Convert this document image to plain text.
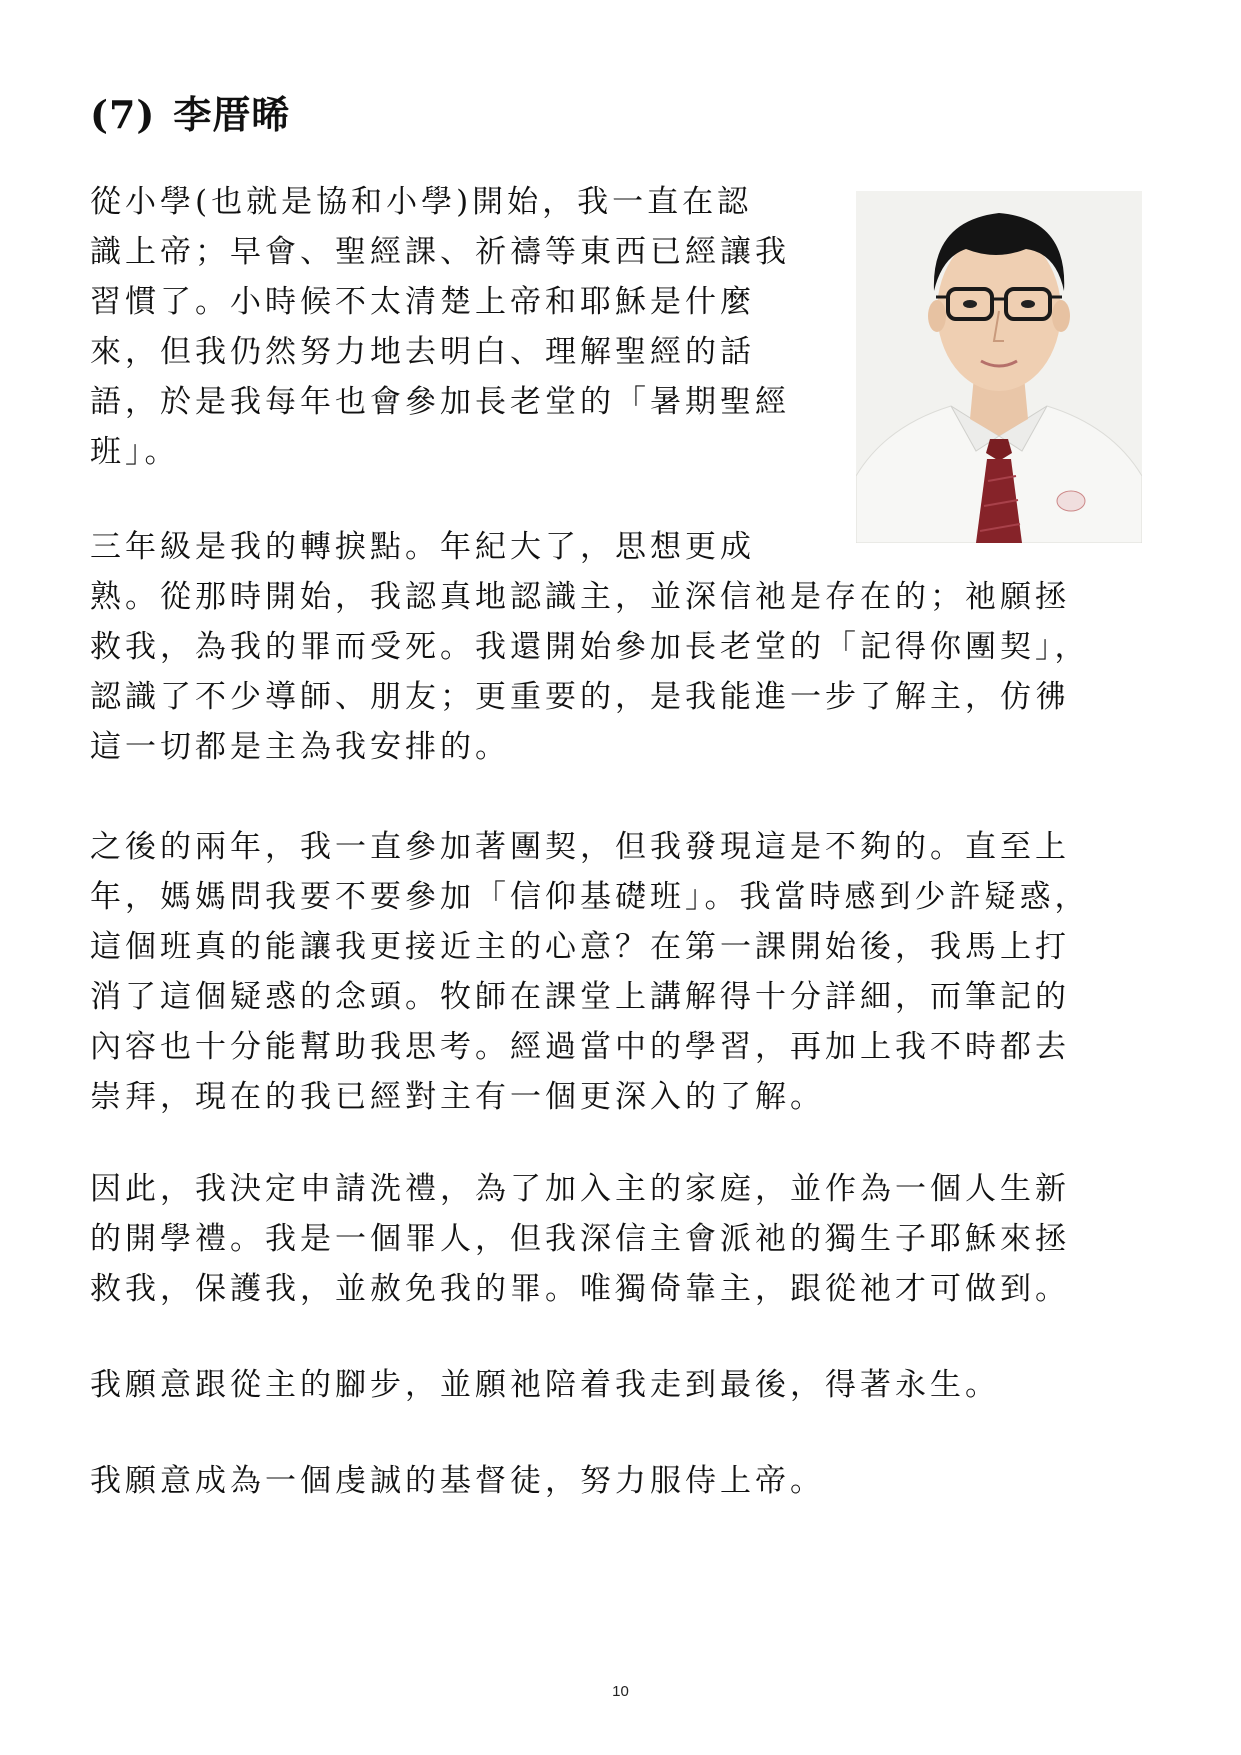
(7) 李厝晞
從小學(也就是協和小學)開始，我一直在認
識上帝；早會、聖經課、祈禱等東西已經讓我
習慣了。小時候不太清楚上帝和耶穌是什麼
來，但我仍然努力地去明白、理解聖經的話
語，於是我每年也會參加長老堂的「暑期聖經
班」。
三年級是我的轉捩點。年紀大了，思想更成
熟。從那時開始，我認真地認識主，並深信祂是存在的；祂願拯
救我，為我的罪而受死。我還開始參加長老堂的「記得你團契」，
認識了不少導師、朋友；更重要的，是我能進一步了解主，仿彿
這一切都是主為我安排的。
之後的兩年，我一直參加著團契，但我發現這是不夠的。直至上
年，媽媽問我要不要參加「信仰基礎班」。我當時感到少許疑惑，
這個班真的能讓我更接近主的心意？在第一課開始後，我馬上打
消了這個疑惑的念頭。牧師在課堂上講解得十分詳細，而筆記的
內容也十分能幫助我思考。經過當中的學習，再加上我不時都去
崇拜，現在的我已經對主有一個更深入的了解。
因此，我決定申請洗禮，為了加入主的家庭，並作為一個人生新
的開學禮。我是一個罪人，但我深信主會派祂的獨生子耶穌來拯
救我，保護我，並赦免我的罪。唯獨倚靠主，跟從祂才可做到。
我願意跟從主的腳步，並願祂陪着我走到最後，得著永生。
我願意成為一個虔誠的基督徒，努力服侍上帝。
10
